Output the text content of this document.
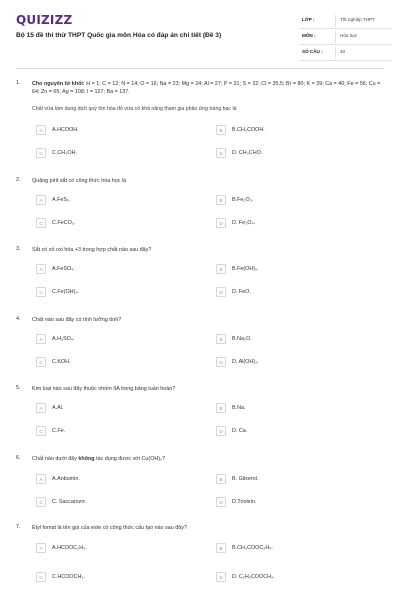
QUIZIZZ
Bộ 15 đề thi thử THPT Quốc gia môn Hóa có đáp án chi tiết (Đề 3)
LỚP :	Tốt nghiệp THPT
MÔN :	Hóa học
SỐ CÂU :	40
1. Cho nguyên tử khối: H = 1; C = 12; N = 14; O = 16; Na = 23; Mg = 24; Al = 27; P = 31; S = 32; Cl = 35,5; Br = 80; K = 39; Ca = 40; Fe = 56; Cu = 64; Zn = 65; Ag = 108; I = 127; Ba = 137.
Chất vừa làm dung dịch quỳ tím hóa đỏ vừa có khả năng tham gia phản ứng tráng bạc là
A	A.HCOOH.	B	B.CH₃COOH.
C	C.CH₃OH.	D	D. CH₃CHO.
2. Quặng pirit sắt có công thức hóa học là
A	A.FeS₂.	B	B.Fe₂O₃.
C	C.FeCO₃.	D	D. Fe₃O₄.
3. Sắt có số oxi hóa +3 trong hợp chất nào sau đây?
A	A.FeSO₄.	B	B.Fe(OH)₂.
C	C.Fe(OH)₃.	D	D. FeO.
4. Chất nào sau đây có tính lưỡng tính?
A	A.H₂SO₄.	B	B.Na₂O.
C	C.KOH.	D	D. Al(OH)₃.
5. Kim loại nào sau đây thuộc nhóm IIA trong bảng tuần hoàn?
A	A.Al.	B	B.Na.
C	C.Fe.	D	D. Ca.
6. Chất nào dưới đây không tác dụng được với Cu(OH)₂?
A	A.Anbumin.	B	B. Glixerol.
C	C. Saccarozơ.	D	D.Triolein.
7. Etyl fomat là tên gọi của este có công thức cấu tạo nào sau đây?
A	A.HCOOC₂H₅.	B	B.CH₃COOC₂H₅.
C	C.HCOOCH₃.	D	D. C₂H₅COOCH₃.
